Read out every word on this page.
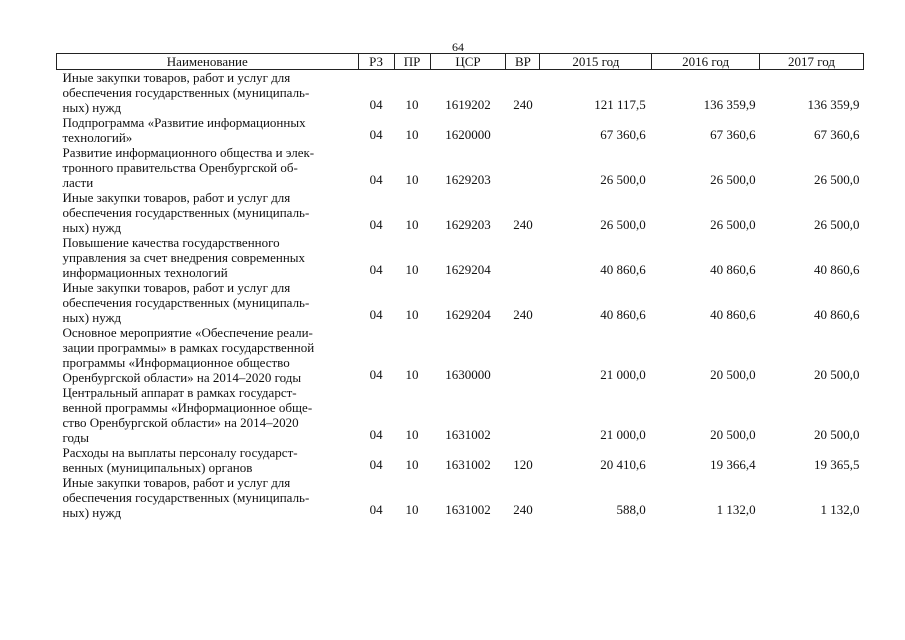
64
Наименование	РЗ	ПР	ЦСР	ВР	2015 год	2016 год	2017 год
Иные закупки товаров, работ и услуг для
обеспечения государственных (муниципаль-
ных) нужд	04	10	1619202	240	121 117,5	136 359,9	136 359,9

Подпрограмма «Развитие информационных
технологий»	04	10	1620000		67 360,6	67 360,6	67 360,6

Развитие информационного общества и элек-
тронного правительства Оренбургской об-
ласти	04	10	1629203		26 500,0	26 500,0	26 500,0

Иные закупки товаров, работ и услуг для
обеспечения государственных (муниципаль-
ных) нужд	04	10	1629203	240	26 500,0	26 500,0	26 500,0

Повышение качества государственного
управления за счет внедрения современных
информационных технологий	04	10	1629204		40 860,6	40 860,6	40 860,6

Иные закупки товаров, работ и услуг для
обеспечения государственных (муниципаль-
ных) нужд	04	10	1629204	240	40 860,6	40 860,6	40 860,6

Основное мероприятие «Обеспечение реали-
зации программы» в рамках государственной
программы «Информационное общество
Оренбургской области» на 2014–2020 годы	04	10	1630000		21 000,0	20 500,0	20 500,0

Центральный аппарат в рамках государст-
венной программы «Информационное обще-
ство Оренбургской области» на 2014–2020
годы	04	10	1631002		21 000,0	20 500,0	20 500,0

Расходы на выплаты персоналу государст-
венных (муниципальных) органов	04	10	1631002	120	20 410,6	19 366,4	19 365,5

Иные закупки товаров, работ и услуг для
обеспечения государственных (муниципаль-
ных) нужд	04	10	1631002	240	588,0	1 132,0	1 132,0
